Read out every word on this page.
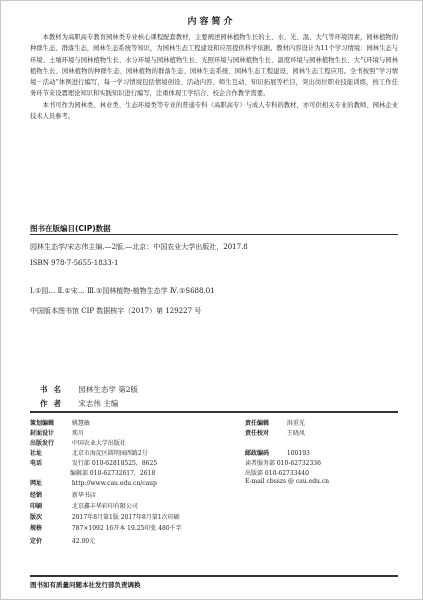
内容简介

本教材为高职高专教育园林类专业核心课程配套教材，主要阐述园林植物生长的土、水、光、温、大气等环境因素，园林植物的种群生态、群落生态，园林生态系统等知识，为园林生态工程建设和应用提供科学依据。教材内容设计为11个学习情境：园林生态与环境、土壤环境与园林植物生长、水分环境与园林植物生长、光照环境与园林植物生长、温度环境与园林植物生长、大气环境与园林植物生长、园林植物的种群生态、园林植物的群落生态、园林生态系统、园林生态工程建设、园林生态工程应用。全书按照“学习情境－活动”体例进行编写，每一学习情境包括情境创设、活动内容、师生互动、知识拓展等栏目，突出岗位职业技能训练，按工作任务环节来设置理论知识和实践知识进行编写，注重体现工学结合、校企合作教学需要。

本书可作为园林类、林业类、生态环境类等专业的普通专科（高职高专）与成人专科的教材，亦可供相关专业的教师、园林企业技术人员参考。

图书在版编目(CIP)数据
园林生态学/宋志伟主编.—2版.—北京：中国农业大学出版社，2017.8
ISBN 978-7-5655-1833-1
Ⅰ.①园… Ⅱ.①宋… Ⅲ.①园林植物-植物生态学 Ⅳ.①S688.01
中国版本图书馆 CIP 数据核字（2017）第 129227 号
书名 园林生态学 第2版
作者 宋志伟 主编
策划编辑	姚慧敏	责任编辑	洪重光
封面设计	郑川	责任校对	王晓凤
出版发行	中国农业大学出版社
社址	北京市海淀区圆明园西路2号	邮政编码	100193
电话	发行部 010-62818525，8625	读者服务部 010-62732336
编辑部 010-62732617，2618	出版部 010-62733440
网址	http://www.cau.edu.cn/caup	E-mail cbsszs @ cau.edu.cn
经销	新华书店
印刷	北京鑫丰华彩印有限公司
版次	2017年8月第1版 2017年8月第1次印刷
规格	787×1092 16开本 19.25印张 480千字
定价	42.00元
图书如有质量问题本社发行部负责调换
